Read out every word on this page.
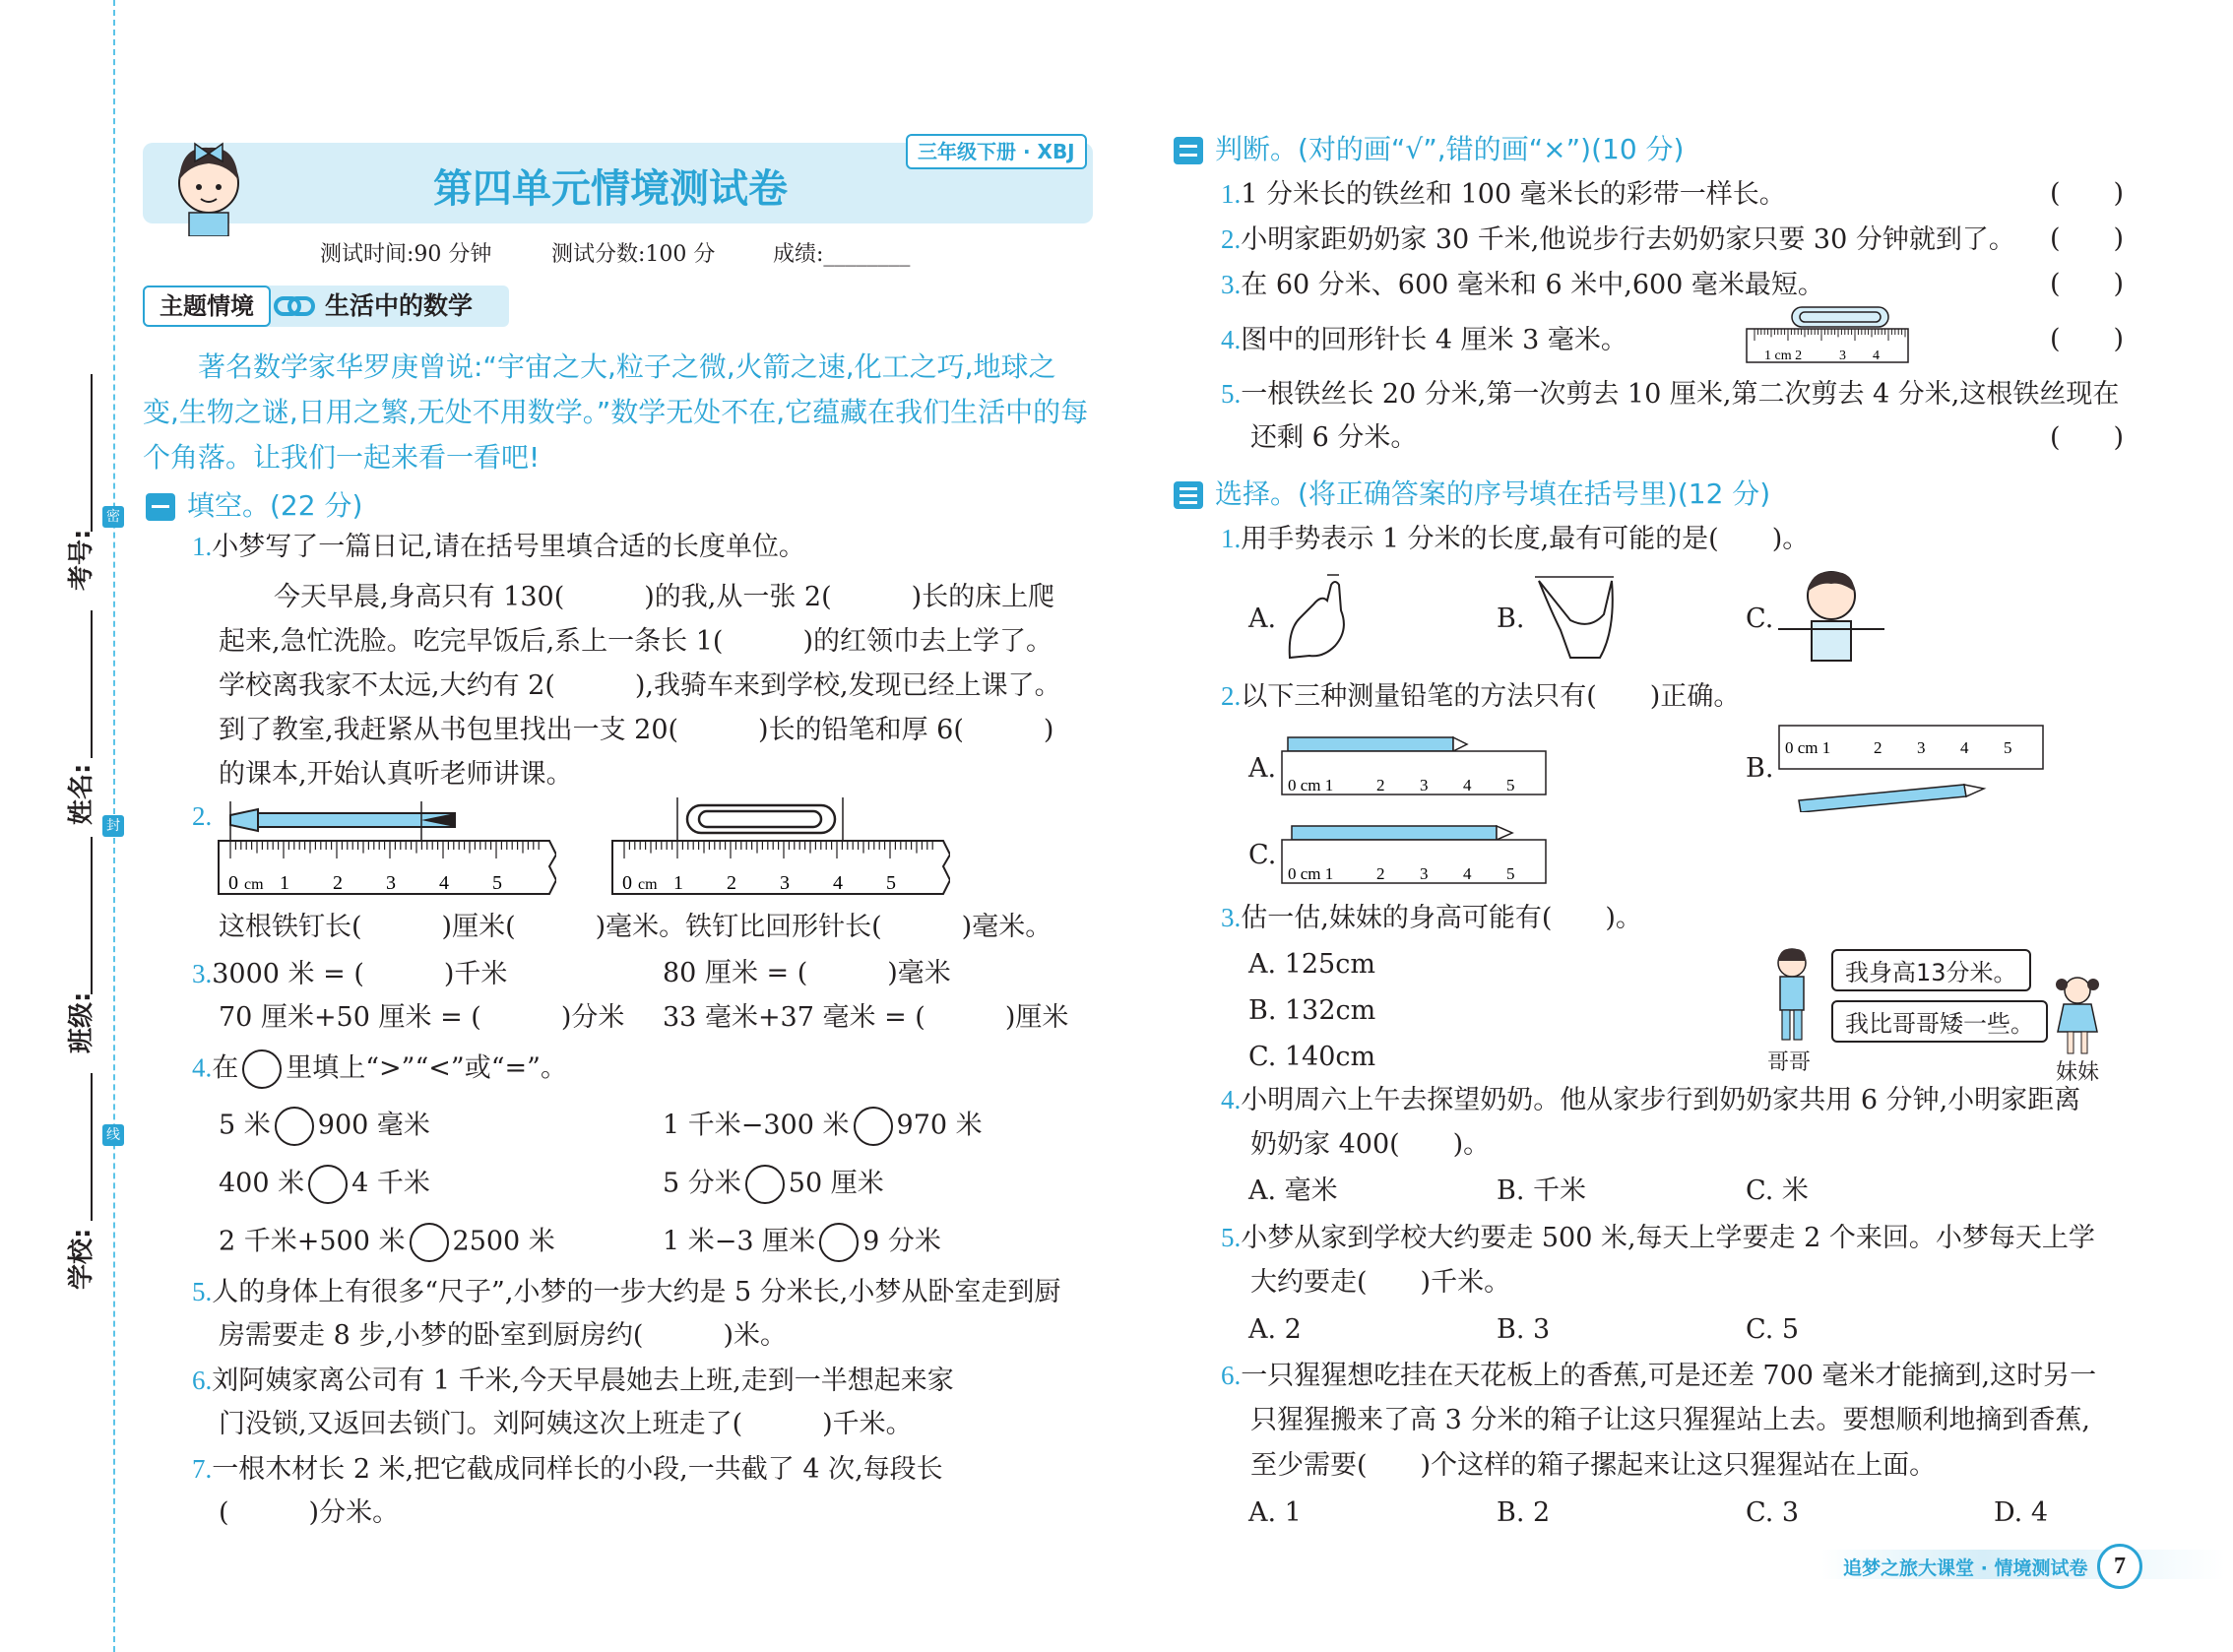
考号:
姓名:
班级:
学校:
密
封
线
第四单元情境测试卷
三年级下册 · XBJ
测试时间:90 分钟	测试分数:100 分	成绩:________
主题情境	生活中的数学
著名数学家华罗庚曾说:“宇宙之大,粒子之微,火箭之速,化工之巧,地球之
变,生物之谜,日用之繁,无处不用数学。”数学无处不在,它蕴藏在我们生活中的每
个角落。让我们一起来看一看吧!
填空。(22 分)
1.小梦写了一篇日记,请在括号里填合适的长度单位。
今天早晨,身高只有 130(　　　)的我,从一张 2(　　　)长的床上爬
起来,急忙洗脸。吃完早饭后,系上一条长 1(　　　)的红领巾去上学了。
学校离我家不太远,大约有 2(　　　),我骑车来到学校,发现已经上课了。
到了教室,我赶紧从书包里找出一支 20(　　　)长的铅笔和厚 6(　　　)
的课本,开始认真听老师讲课。
2.
0 cm 1 2 3 4 5	0 cm 1 2 3 4 5
这根铁钉长(　　　)厘米(　　　)毫米。铁钉比回形针长(　　　)毫米。
3.3000 米 = (　　　)千米	80 厘米 = (　　　)毫米
70 厘米+50 厘米 = (　　　)分米 33 毫米+37 毫米 = (　　　)厘米
4.在 里填上“>”“<”或“=”。
5 米 900 毫米	1 千米−300 米 970 米
400 米 4 千米	5 分米 50 厘米
2 千米+500 米 2500 米	1 米−3 厘米 9 分米
5.人的身体上有很多“尺子”,小梦的一步大约是 5 分米长,小梦从卧室走到厨
房需要走 8 步,小梦的卧室到厨房约(　　　)米。
6.刘阿姨家离公司有 1 千米,今天早晨她去上班,走到一半想起来家
门没锁,又返回去锁门。刘阿姨这次上班走了(　　　)千米。
7.一根木材长 2 米,把它截成同样长的小段,一共截了 4 次,每段长
(　　　)分米。
判断。(对的画“√”,错的画“×”)(10 分)
1.1 分米长的铁丝和 100 毫米长的彩带一样长。	(　　)
2.小明家距奶奶家 30 千米,他说步行去奶奶家只要 30 分钟就到了。 (　　)
3.在 60 分米、600 毫米和 6 米中,600 毫米最短。	(　　)
4.图中的回形针长 4 厘米 3 毫米。
1 cm 2	3 4
(　　)
5.一根铁丝长 20 分米,第一次剪去 10 厘米,第二次剪去 4 分米,这根铁丝现在
还剩 6 分米。	(　　)
选择。(将正确答案的序号填在括号里)(12 分)
1.用手势表示 1 分米的长度,最有可能的是(　　)。
A.	B.	C.
2.以下三种测量铅笔的方法只有(　　)正确。
A.
0 cm 1	2 3 4 5
B.
0 cm 1	2 3 4 5
C.
0 cm 1	2 3 4 5
3.估一估,妹妹的身高可能有(　　)。
A. 125cm
B. 132cm
C. 140cm	哥哥
我身高13分米。
我比哥哥矮一些。
妹妹
4.小明周六上午去探望奶奶。他从家步行到奶奶家共用 6 分钟,小明家距离
奶奶家 400(　　)。
A. 毫米	B. 千米	C. 米
5.小梦从家到学校大约要走 500 米,每天上学要走 2 个来回。小梦每天上学
大约要走(　　)千米。
A. 2	B. 3	C. 5
6.一只猩猩想吃挂在天花板上的香蕉,可是还差 700 毫米才能摘到,这时另一
只猩猩搬来了高 3 分米的箱子让这只猩猩站上去。要想顺利地摘到香蕉,
至少需要(　　)个这样的箱子摞起来让这只猩猩站在上面。
A. 1	B. 2	C. 3	D. 4
追梦之旅大课堂 · 情境测试卷	7
